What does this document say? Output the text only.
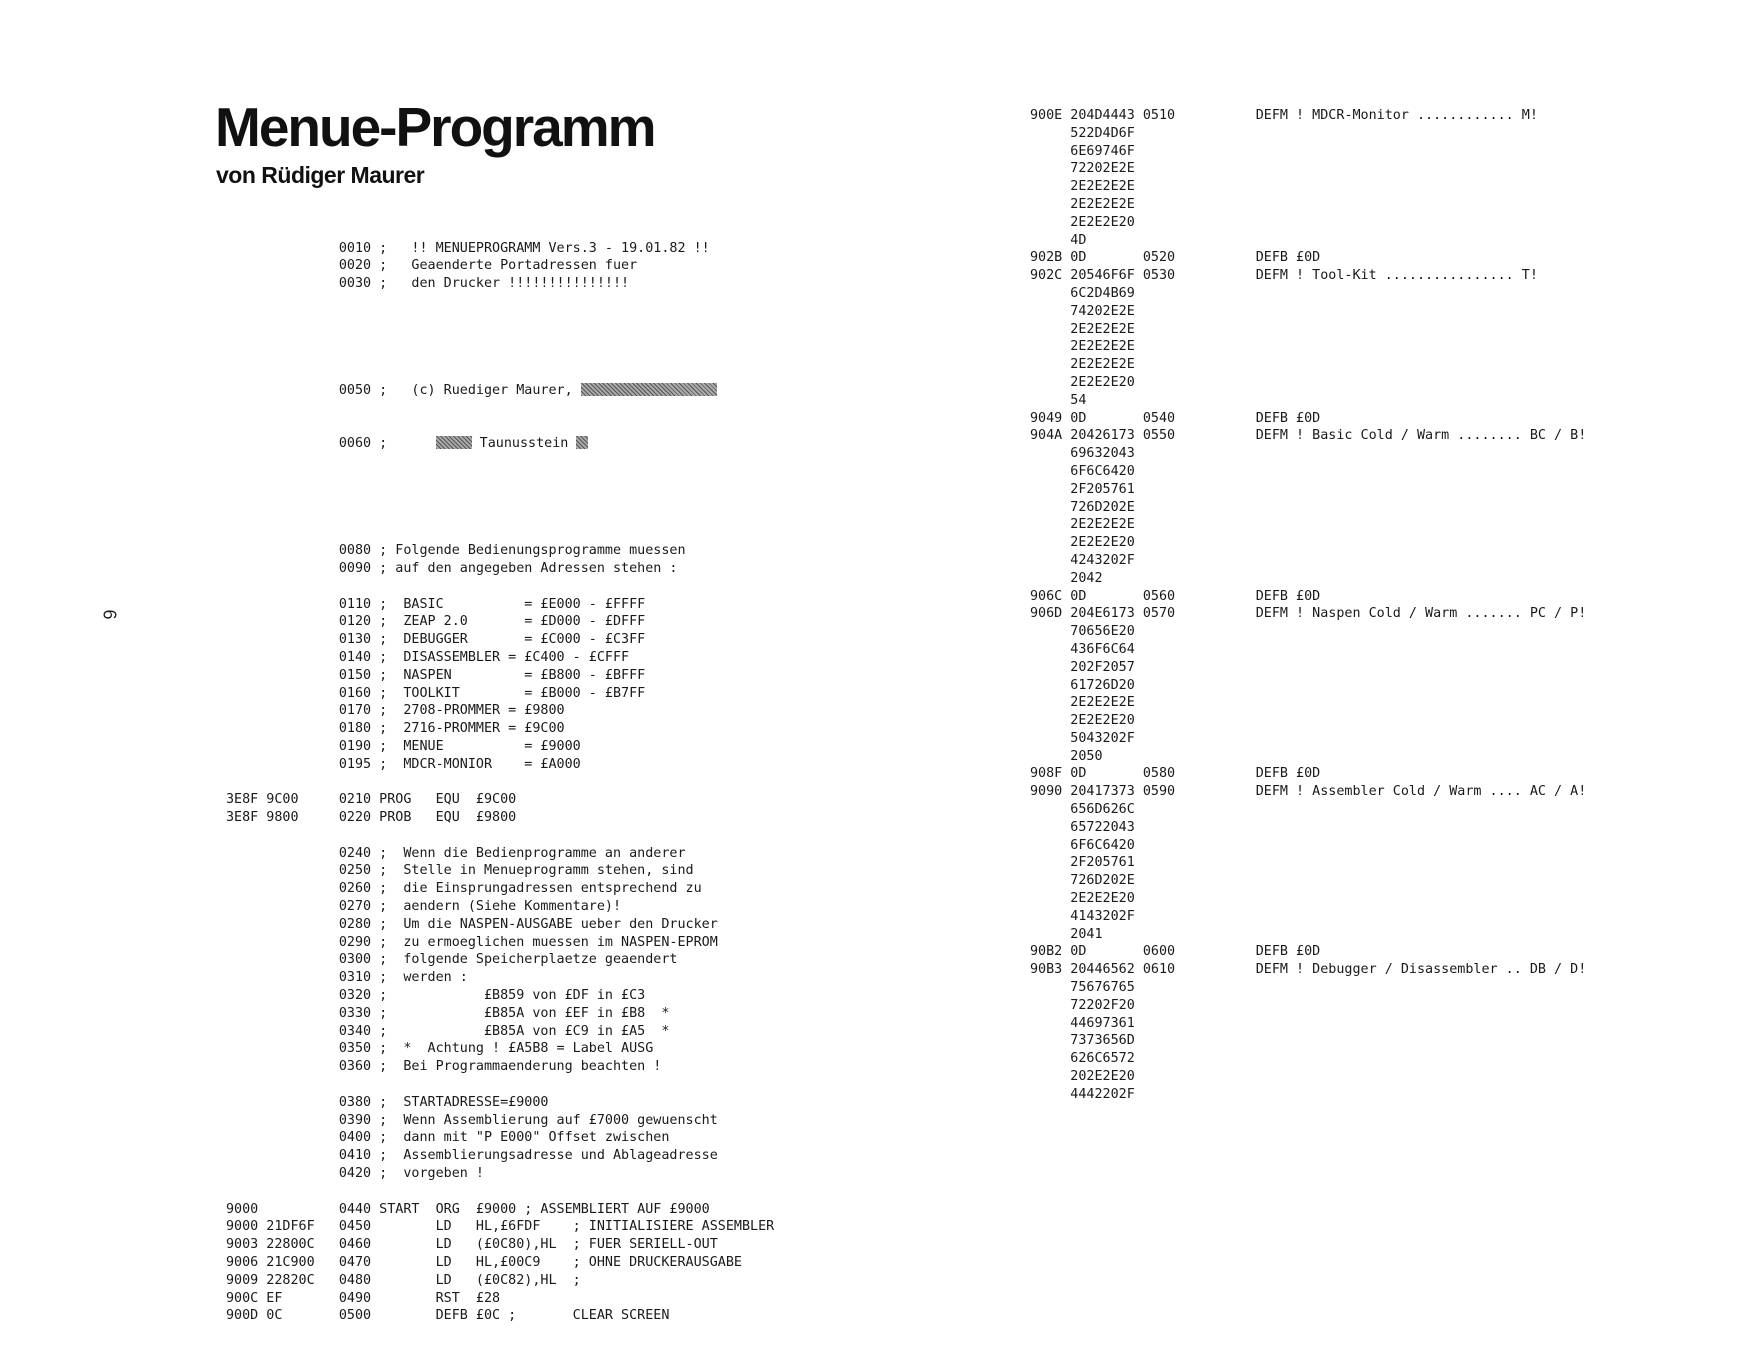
Menue-Programm
von Rüdiger Maurer
6

0010 ;   !! MENUEPROGRAMM Vers.3 - 19.01.82 !!
0020 ;   Geaenderte Portadressen fuer
0030 ;   den Drucker !!!!!!!!!!!!!!!

0050 ;   (c) Ruediger Maurer,

0060 ;	Taunusstein

0080 ; Folgende Bedienungsprogramme muessen
0090 ; auf den angegeben Adressen stehen :
0110 ;  BASIC          = £E000 - £FFFF
0120 ;  ZEAP 2.0       = £D000 - £DFFF
0130 ;  DEBUGGER       = £C000 - £C3FF
0140 ;  DISASSEMBLER = £C400 - £CFFF
0150 ;  NASPEN         = £B800 - £BFFF
0160 ;  TOOLKIT        = £B000 - £B7FF
0170 ;  2708-PROMMER = £9800
0180 ;  2716-PROMMER = £9C00
0190 ;  MENUE          = £9000
0195 ;  MDCR-MONIOR    = £A000
3E8F 9C00     0210 PROG   EQU  £9C00
3E8F 9800     0220 PROB   EQU  £9800
0240 ;  Wenn die Bedienprogramme an anderer
0250 ;  Stelle in Menueprogramm stehen, sind
0260 ;  die Einsprungadressen entsprechend zu
0270 ;  aendern (Siehe Kommentare)!
0280 ;  Um die NASPEN-AUSGABE ueber den Drucker
0290 ;  zu ermoeglichen muessen im NASPEN-EPROM
0300 ;  folgende Speicherplaetze geaendert
0310 ;  werden :
0320 ;            £B859 von £DF in £C3
0330 ;            £B85A von £EF in £B8  *
0340 ;            £B85A von £C9 in £A5  *
0350 ;  *  Achtung ! £A5B8 = Label AUSG
0360 ;  Bei Programmaenderung beachten !
0380 ;  STARTADRESSE=£9000
0390 ;  Wenn Assemblierung auf £7000 gewuenscht
0400 ;  dann mit "P E000" Offset zwischen
0410 ;  Assemblierungsadresse und Ablageadresse
0420 ;  vorgeben !
9000          0440 START  ORG  £9000 ; ASSEMBLIERT AUF £9000
9000 21DF6F   0450        LD   HL,£6FDF    ; INITIALISIERE ASSEMBLER
9003 22800C   0460        LD   (£0C80),HL  ; FUER SERIELL-OUT
9006 21C900   0470        LD   HL,£00C9    ; OHNE DRUCKERAUSGABE
9009 22820C   0480        LD   (£0C82),HL  ;
900C EF       0490        RST  £28
900D 0C       0500        DEFB £0C ;       CLEAR SCREEN

900E 204D4443 0510          DEFM ! MDCR-Monitor ............ M!
522D4D6F
6E69746F
72202E2E
2E2E2E2E
2E2E2E2E
2E2E2E20
4D
902B 0D       0520          DEFB £0D
902C 20546F6F 0530          DEFM ! Tool-Kit ................ T!
6C2D4B69
74202E2E
2E2E2E2E
2E2E2E2E
2E2E2E2E
2E2E2E20
54
9049 0D       0540          DEFB £0D
904A 20426173 0550          DEFM ! Basic Cold / Warm ........ BC / B!
69632043
6F6C6420
2F205761
726D202E
2E2E2E2E
2E2E2E20
4243202F
2042
906C 0D       0560          DEFB £0D
906D 204E6173 0570          DEFM ! Naspen Cold / Warm ....... PC / P!
70656E20
436F6C64
202F2057
61726D20
2E2E2E2E
2E2E2E20
5043202F
2050
908F 0D       0580          DEFB £0D
9090 20417373 0590          DEFM ! Assembler Cold / Warm .... AC / A!
656D626C
65722043
6F6C6420
2F205761
726D202E
2E2E2E20
4143202F
2041
90B2 0D       0600          DEFB £0D
90B3 20446562 0610          DEFM ! Debugger / Disassembler .. DB / D!
75676765
72202F20
44697361
7373656D
626C6572
202E2E20
4442202F
